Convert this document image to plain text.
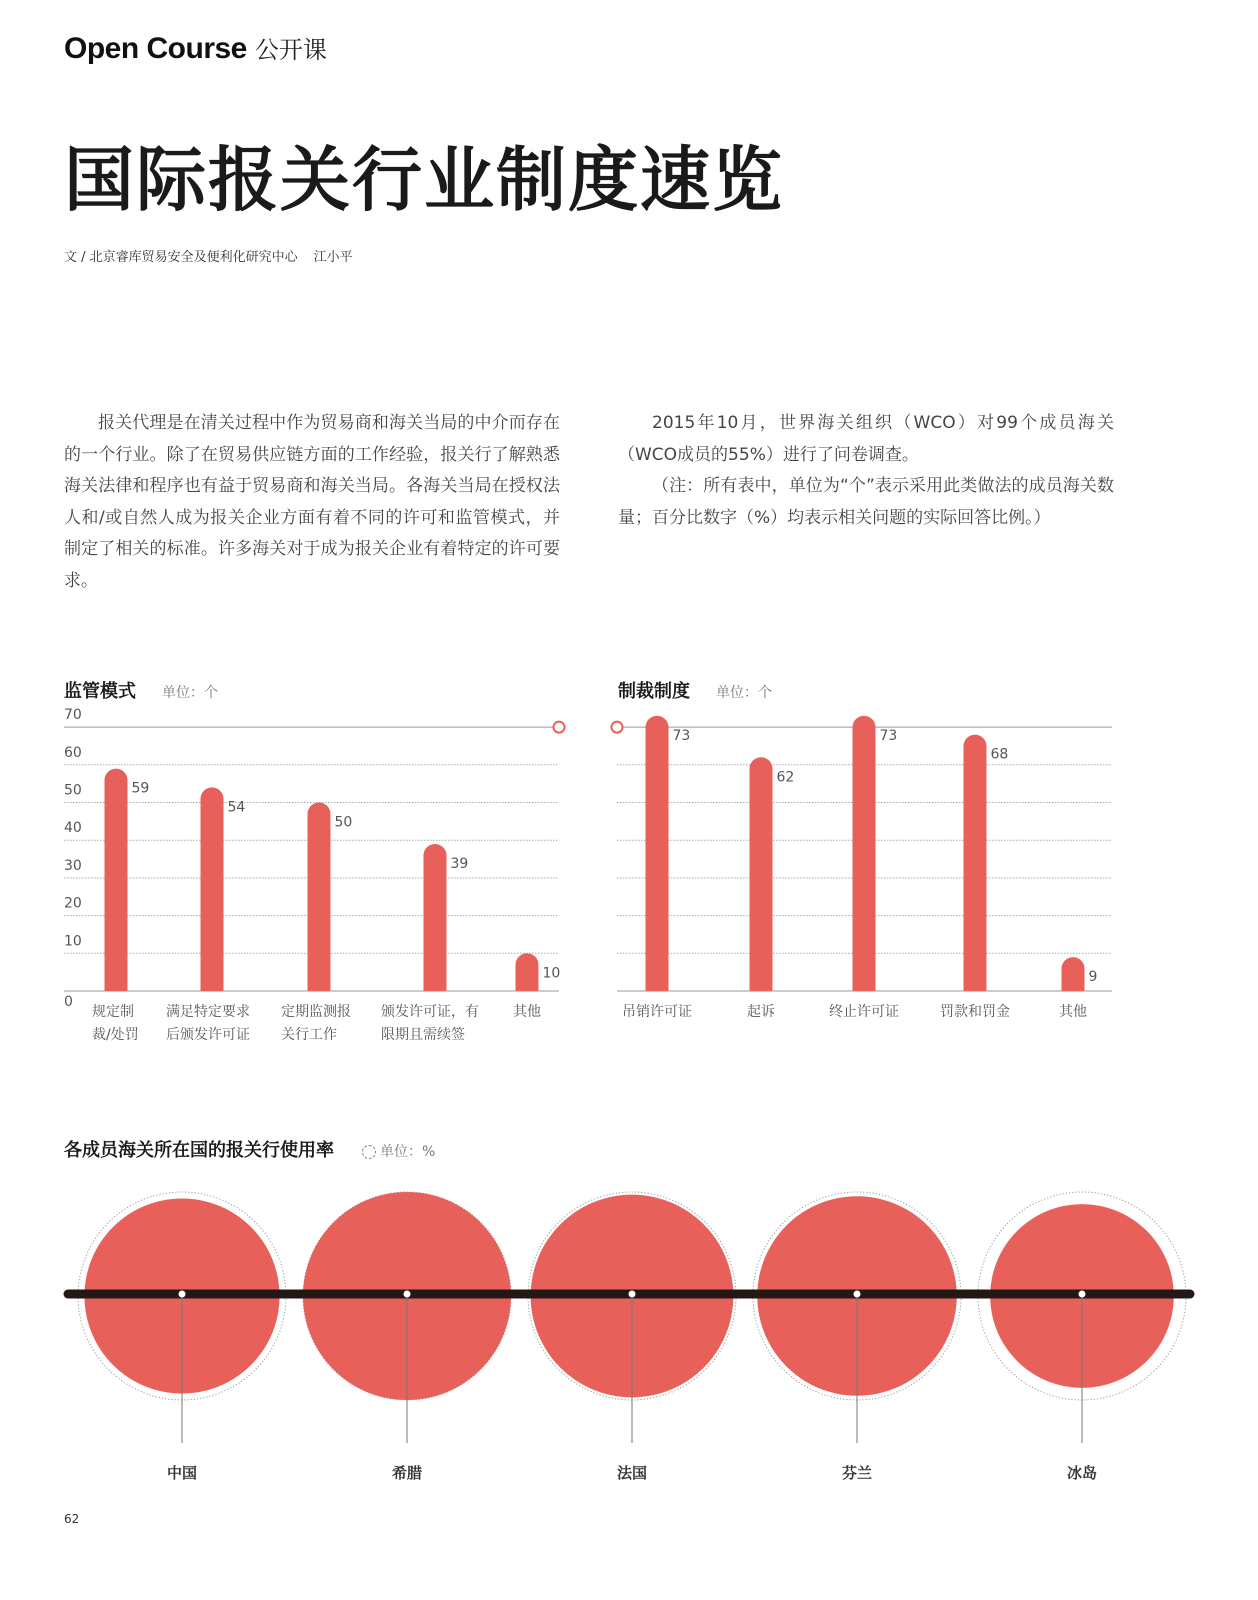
Open Course 公开课
国际报关行业制度速览
文 / 北京睿库贸易安全及便利化研究中心 江小平

报关代理是在清关过程中作为贸易商和海关当局的中介而存在的一个行业。除了在贸易供应链方面的工作经验，报关行了解熟悉海关法律和程序也有益于贸易商和海关当局。各海关当局在授权法人和/或自然人成为报关企业方面有着不同的许可和监管模式，并制定了相关的标准。许多海关对于成为报关企业有着特定的许可要求。

2015年10月，世界海关组织（WCO）对99个成员海关（WCO成员的55%）进行了问卷调查。

（注：所有表中，单位为“个”表示采用此类做法的成员海关数量；百分比数字（%）均表示相关问题的实际回答比例。）

监管模式 单位：个	制裁制度 单位：个
各成员海关所在国的报关行使用率	单位：%
0
10
20
30
40
50
60
70
59
规定制
裁/处罚
54
满足特定要求
后颁发许可证
50
定期监测报
关行工作
39
颁发许可证，有
限期且需续签
10
其他
73
吊销许可证
62
起诉
73
终止许可证
68
罚款和罚金
9
其他
中国	希腊	法国	芬兰	冰岛
62
